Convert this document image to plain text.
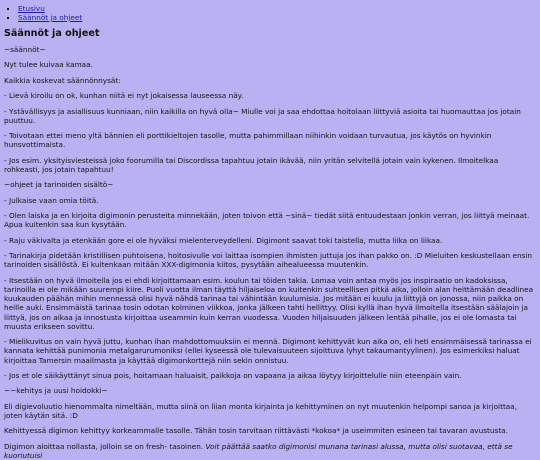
▪ Etusivu
▪ Säännöt ja ohjeet
Säännöt ja ohjeet

~säännöt~

Nyt tulee kuivaa kamaa.

Kaikkia koskevat säännönnysät:

- Lievä kiroilu on ok, kunhan niitä ei nyt jokaisessa lauseessa näy.

- Ystävällisyys ja asiallisuus kunniaan, niin kaikilla on hyvä olla~ Miulle voi ja saa ehdottaa hoitolaan liittyviä asioita tai huomauttaa jos jotain puuttuu.

- Toivotaan ettei meno yltä bännien eli porttikieltojen tasolle, mutta pahimmillaan niihinkin voidaan turvautua, jos käytös on hyvinkin hunsvottimaista.

- Jos esim. yksityisviesteissä joko foorumilla tai Discordissa tapahtuu jotain ikävää, niin yritän selvitellä jotain vain kykenen. Ilmoitelkaa rohkeasti, jos jotain tapahtuu!

~ohjeet ja tarinoiden sisältö~

- Julkaise vaan omia töitä.

- Olen laiska ja en kirjoita digimonin perusteita minnekään, joten toivon että ~sinä~ tiedät siitä entuudestaan jonkin verran, jos liittyä meinaat. Apua kuitenkin saa kun kysytään.

- Raju väkivalta ja etenkään gore ei ole hyväksi mielenterveydelleni. Digimont saavat toki taistella, mutta liika on liikaa.

- Tarinakirja pidetään kristillisen puhtoisena, hoitosivulle voi laittaa isompien ihmisten juttuja jos ihan pakko on. :D Mieluiten keskustellaan ensin tarinoiden sisällöstä. Ei kuitenkaan mitään XXX-digimonia kiitos, pysytään aihealueessa muutenkin.

- Itsestään on hyvä ilmoitella jos ei ehdi kirjoittamaan esim. koulun tai töiden takia. Lomaa voin antaa myös jos inspiraatio on kadoksissa, tarinoilla ei ole mikään suurempi kiire. Puoli vuotta ilman täyttä hiljaiseloa on kuitenkin suhteellisen pitkä aika, jolloin alan heittämään deadlinea kuukauden päähän mihin mennessä olisi hyvä nähdä tarinaa tai vähintään kuulumisia. Jos mitään ei kuulu ja liittyjä on jonossa, niin paikka on heille auki. Ensimmäistä tarinaa tosin odotan kolminen viikkoa, jonka jälkeen tahti hellittyy. Olisi kyllä ihan hyvä ilmoitella itsestään säälajoin ja liittyä, jos on aikaa ja innostusta kirjoittaa useammin kuin kerran vuodessa. Vuoden hiljaisuuden jälkeen lentää pihalle, jos ei ole lomasta tai muusta erikseen sovittu.

- Mielikuvitus on vain hyvä juttu, kunhan ihan mahdottomuuksiin ei mennä. Digimont kehittyvät kun aika on, eli heti ensimmäisessä tarinassa ei kannata kehittää punimonia metalgarurumoniksi (ellei kyseessä ole tulevaisuuteen sijoittuva lyhyt takaumantyylinen). Jos esimerkiksi haluat kirjoittaa Tamersin maailmasta ja käyttää digimonkorttejä niin sekin onnistuu.

- Jos et ole säikäyttänyt sinua pois, hoitamaan haluaisit, paikkoja on vapaana ja aikaa löytyy kirjoittelulle niin eteenpäin vain.

~~kehitys ja uusi hoidokki~

Eli digievoluutio hienommalta nimeltään, mutta siinä on liian monta kirjainta ja kehittyminen on nyt muutenkin helpompi sanoa ja kirjoittaa, joten käytän sitä. :D

Kehittyessä digimon kehittyy korkeammalle tasolle. Tähän tosin tarvitaan riittävästi *kokoa* ja useimmiten esineen tai tavaran avustusta.

Digimon aloittaa nollasta, jolloin se on fresh- tasoinen. Voit päättää saatko digimonisi munana tarinasi alussa, mutta olisi suotavaa, että se kuoriutuisi
